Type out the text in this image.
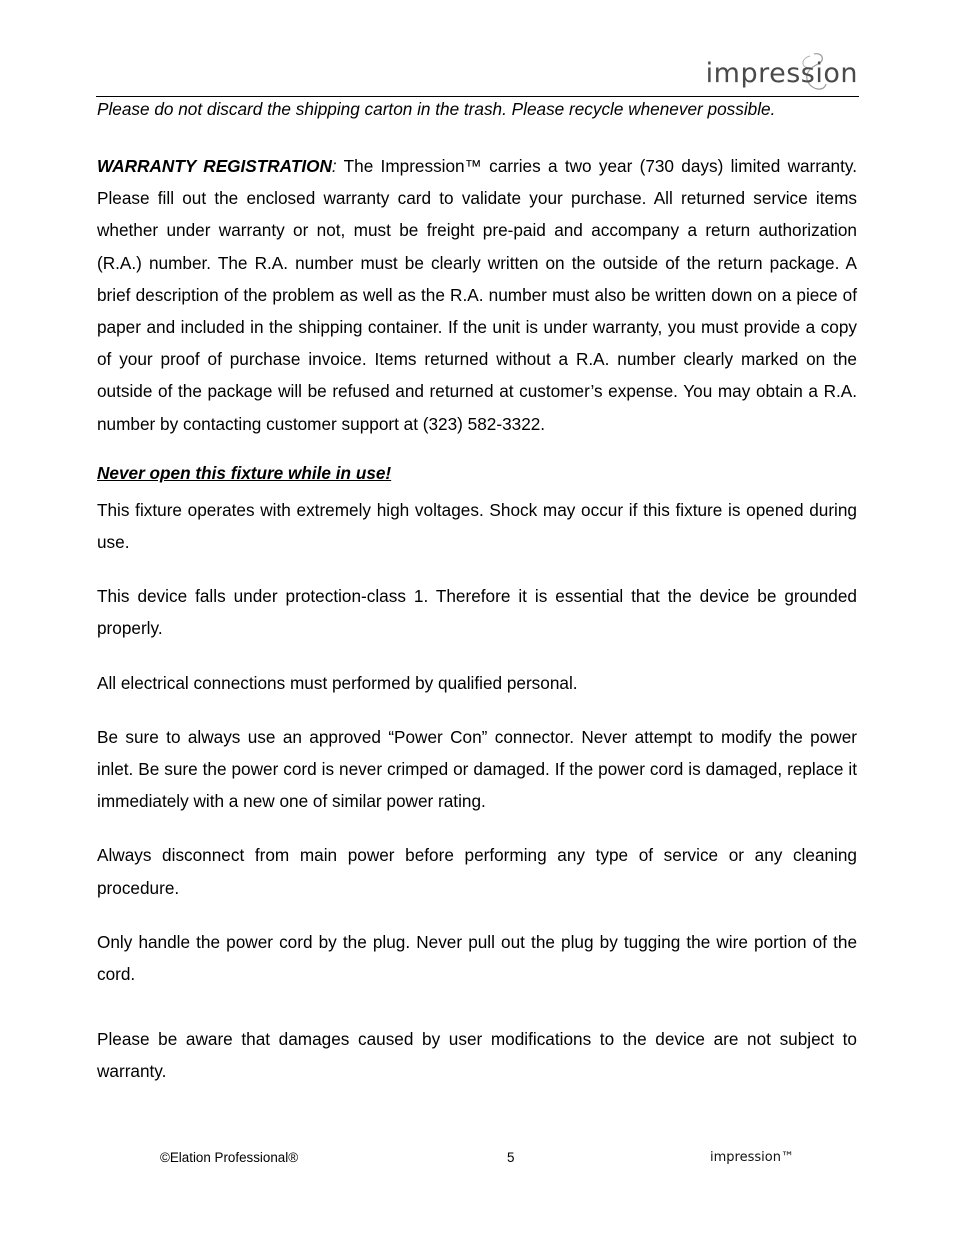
impression

Please do not discard the shipping carton in the trash. Please recycle whenever possible.

WARRANTY REGISTRATION: The Impression™ carries a two year (730 days) limited warranty. Please fill out the enclosed warranty card to validate your purchase. All returned service items whether under warranty or not, must be freight pre-paid and accompany a return authorization (R.A.) number. The R.A. number must be clearly written on the outside of the return package. A brief description of the problem as well as the R.A. number must also be written down on a piece of paper and included in the shipping container. If the unit is under warranty, you must provide a copy of your proof of purchase invoice. Items returned without a R.A. number clearly marked on the outside of the package will be refused and returned at customer’s expense. You may obtain a R.A. number by contacting customer support at (323) 582-3322.

Never open this fixture while in use!

This fixture operates with extremely high voltages. Shock may occur if this fixture is opened during use.

This device falls under protection-class 1. Therefore it is essential that the device be grounded properly.

All electrical connections must performed by qualified personal.

Be sure to always use an approved “Power Con” connector. Never attempt to modify the power inlet. Be sure the power cord is never crimped or damaged. If the power cord is damaged, replace it immediately with a new one of similar power rating.

Always disconnect from main power before performing any type of service or any cleaning procedure.

Only handle the power cord by the plug. Never pull out the plug by tugging the wire portion of the cord.

Please be aware that damages caused by user modifications to the device are not subject to warranty.

©Elation Professional®	5	impression™
